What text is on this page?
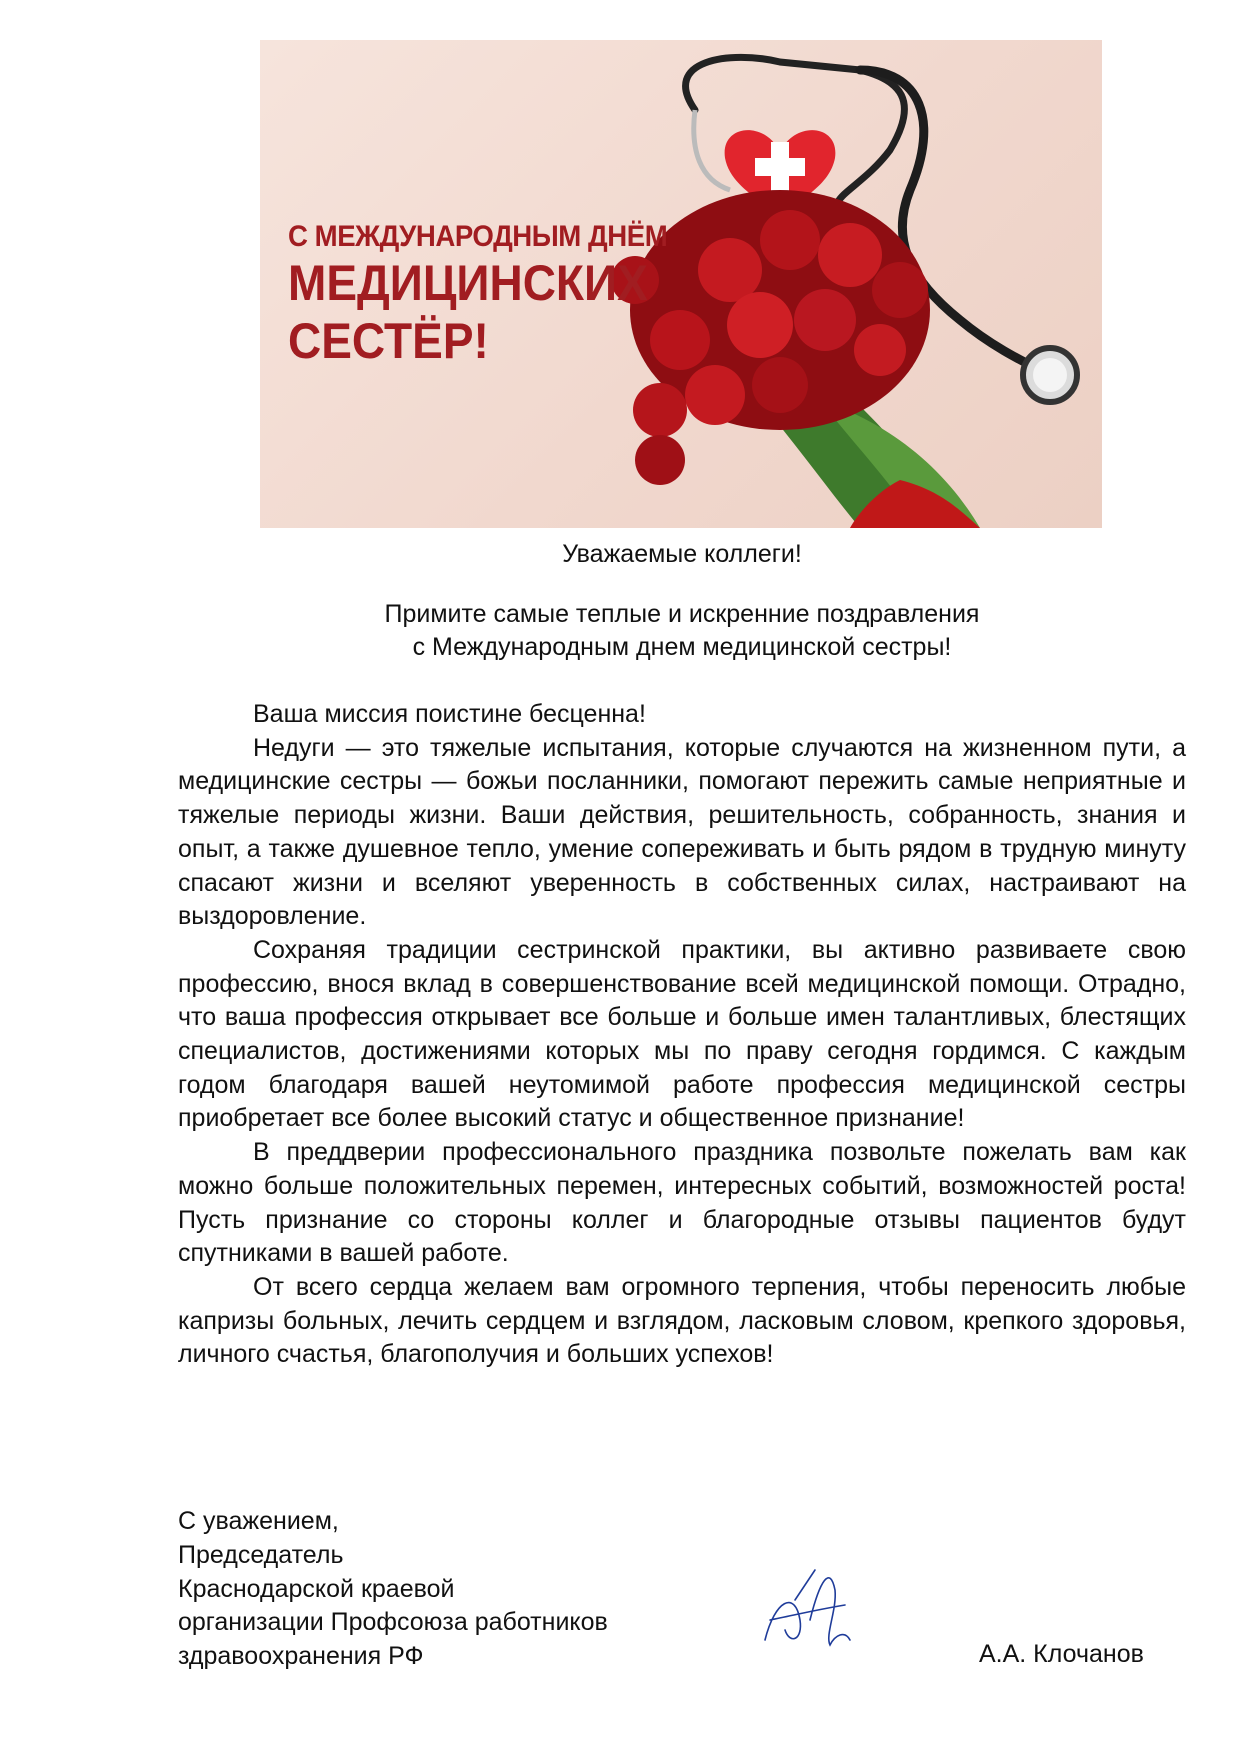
С МЕЖДУНАРОДНЫМ ДНЁМ
МЕДИЦИНСКИХ
СЕСТЁР!
Уважаемые коллеги!
Примите самые теплые и искренние поздравления
с Международным днем медицинской сестры!

Ваша миссия поистине бесценна!

Недуги — это тяжелые испытания, которые случаются на жизненном пути, а медицинские сестры — божьи посланники, помогают пережить самые неприятные и тяжелые периоды жизни. Ваши действия, решительность, собранность, знания и опыт, а также душевное тепло, умение сопереживать и быть рядом в трудную минуту спасают жизни и вселяют уверенность в собственных силах, настраивают на выздоровление.

Сохраняя традиции сестринской практики, вы активно развиваете свою профессию, внося вклад в совершенствование всей медицинской помощи. Отрадно, что ваша профессия открывает все больше и больше имен талантливых, блестящих специалистов, достижениями которых мы по праву сегодня гордимся. С каждым годом благодаря вашей неутомимой работе профессия медицинской сестры приобретает все более высокий статус и общественное признание!

В преддверии профессионального праздника позвольте пожелать вам как можно больше положительных перемен, интересных событий, возможностей роста! Пусть признание со стороны коллег и благородные отзывы пациентов будут спутниками в вашей работе.

От всего сердца желаем вам огромного терпения, чтобы переносить любые капризы больных, лечить сердцем и взглядом, ласковым словом, крепкого здоровья, личного счастья, благополучия и больших успехов!

С уважением,
Председатель
Краснодарской краевой
организации Профсоюза работников
здравоохранения РФ	А.А. Клочанов
